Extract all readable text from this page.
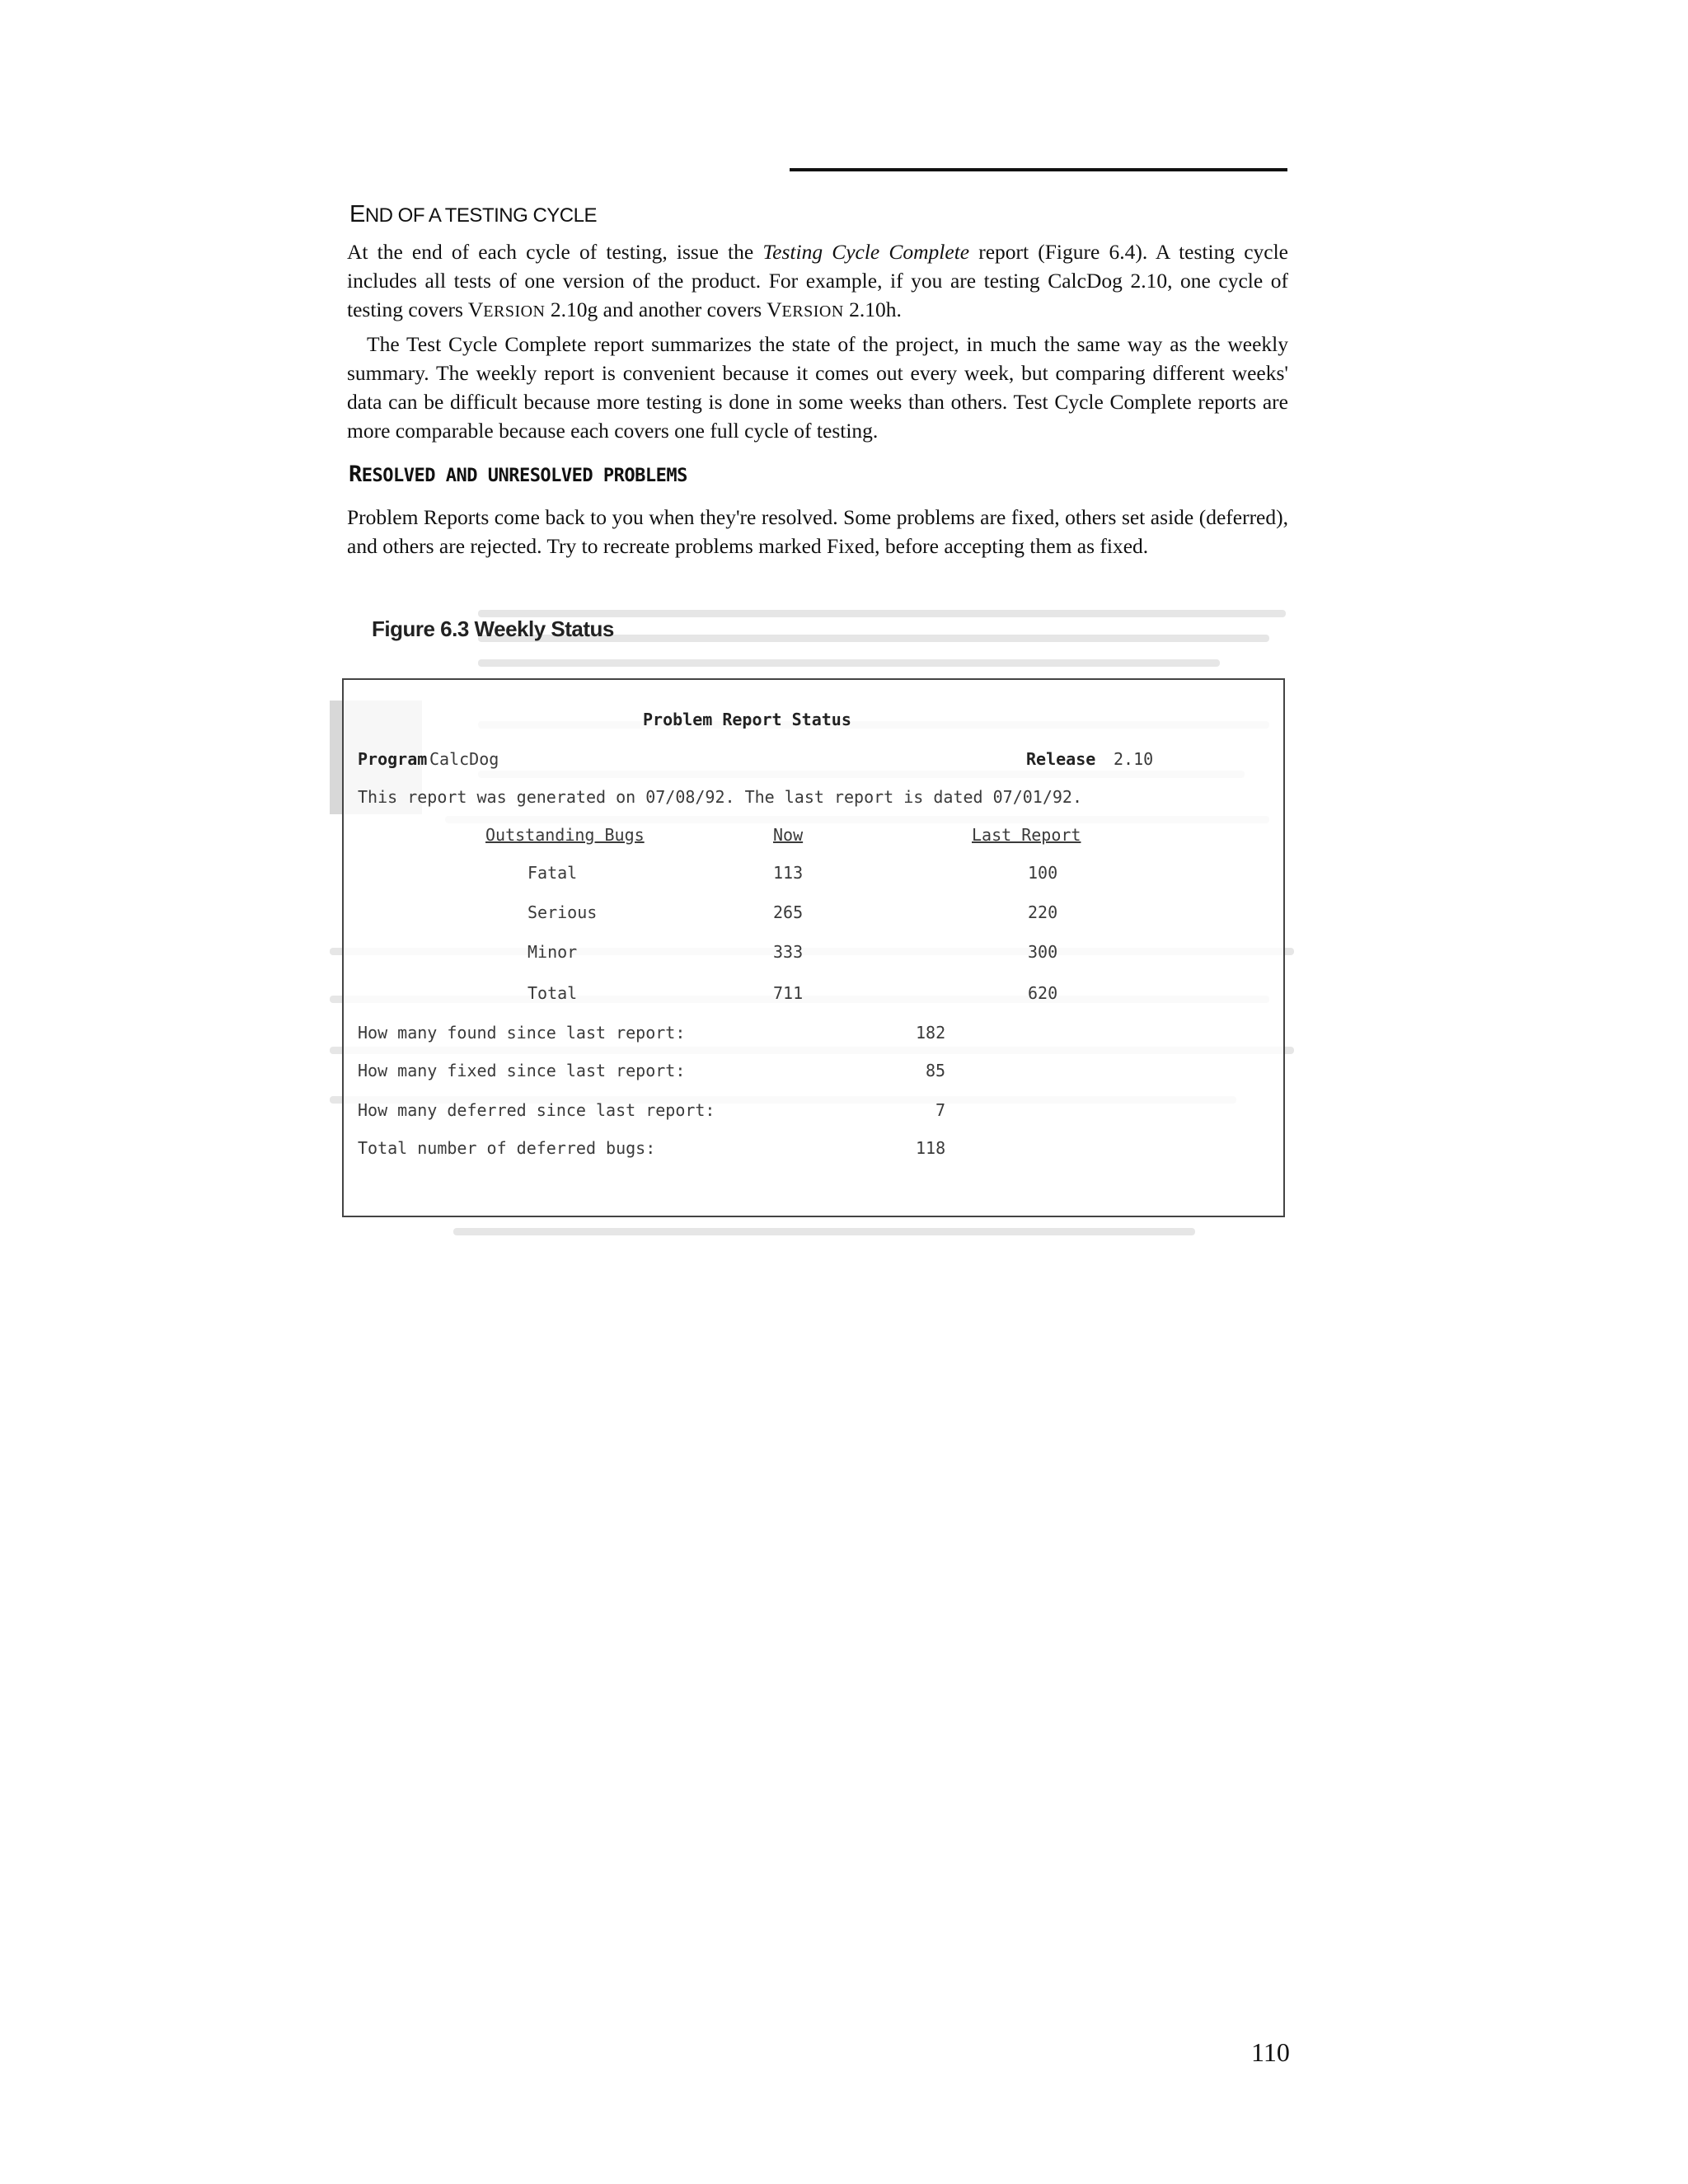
END OF A TESTING CYCLE

At the end of each cycle of testing, issue the Testing Cycle Complete report (Figure 6.4). A testing cycle includes all tests of one version of the product. For example, if you are testing CalcDog 2.10, one cycle of testing covers VERSION 2.10g and another covers VERSION 2.10h.

The Test Cycle Complete report summarizes the state of the project, in much the same way as the weekly summary. The weekly report is convenient because it comes out every week, but comparing different weeks' data can be difficult because more testing is done in some weeks than others. Test Cycle Complete reports are more comparable because each covers one full cycle of testing.

RESOLVED AND UNRESOLVED PROBLEMS

Problem Reports come back to you when they're resolved. Some problems are fixed, others set aside (deferred), and others are rejected. Try to recreate problems marked Fixed, before accepting them as fixed.

Figure 6.3 Weekly Status
Problem Report Status
Program CalcDog	Release 2.10
This report was generated on 07/08/92. The last report is dated 07/01/92.
Outstanding Bugs	Now	Last Report
Fatal	113	100
Serious	265	220
Minor	333	300
Total	711	620
How many found since last report:	182
How many fixed since last report:	85
How many deferred since last report:	7
Total number of deferred bugs:	118
110
